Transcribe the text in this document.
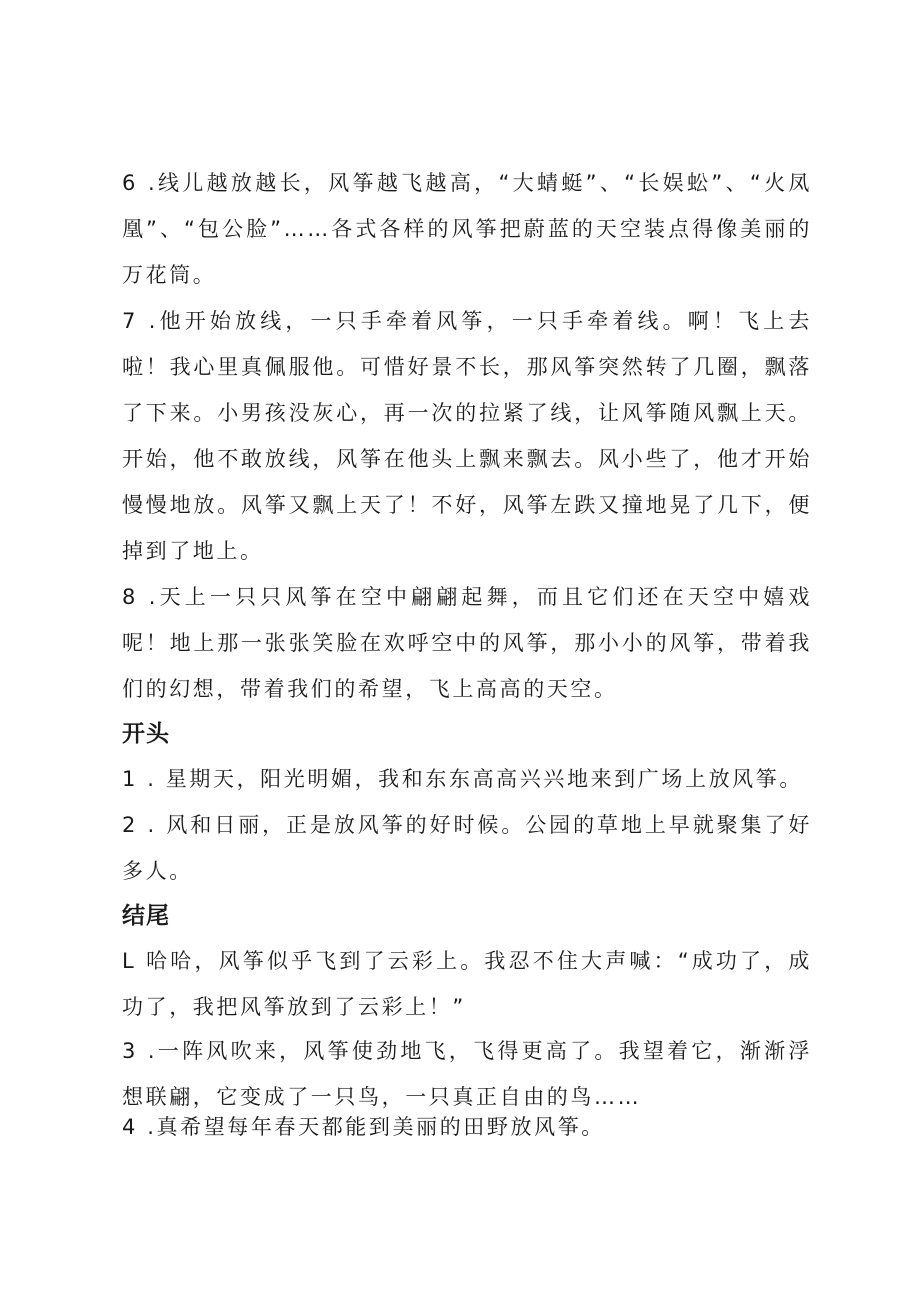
6 .线儿越放越长，风筝越飞越高，“大蜻蜓”、“长娱蚣”、“火凤凰”、“包公脸”……各式各样的风筝把蔚蓝的天空装点得像美丽的万花筒。

7 .他开始放线，一只手牵着风筝，一只手牵着线。啊！飞上去啦！我心里真佩服他。可惜好景不长，那风筝突然转了几圈，飘落了下来。小男孩没灰心，再一次的拉紧了线，让风筝随风飘上天。开始，他不敢放线，风筝在他头上飘来飘去。风小些了，他才开始慢慢地放。风筝又飘上天了！不好，风筝左跌又撞地晃了几下，便掉到了地上。

8 .天上一只只风筝在空中翩翩起舞，而且它们还在天空中嬉戏呢！地上那一张张笑脸在欢呼空中的风筝，那小小的风筝，带着我们的幻想，带着我们的希望，飞上高高的天空。

开头

1 . 星期天，阳光明媚，我和东东高高兴兴地来到广场上放风筝。

2 . 风和日丽，正是放风筝的好时候。公园的草地上早就聚集了好多人。

结尾

L 哈哈，风筝似乎飞到了云彩上。我忍不住大声喊：“成功了，成功了，我把风筝放到了云彩上！”

3 .一阵风吹来，风筝使劲地飞，飞得更高了。我望着它，渐渐浮想联翩，它变成了一只鸟，一只真正自由的鸟……

4 .真希望每年春天都能到美丽的田野放风筝。
